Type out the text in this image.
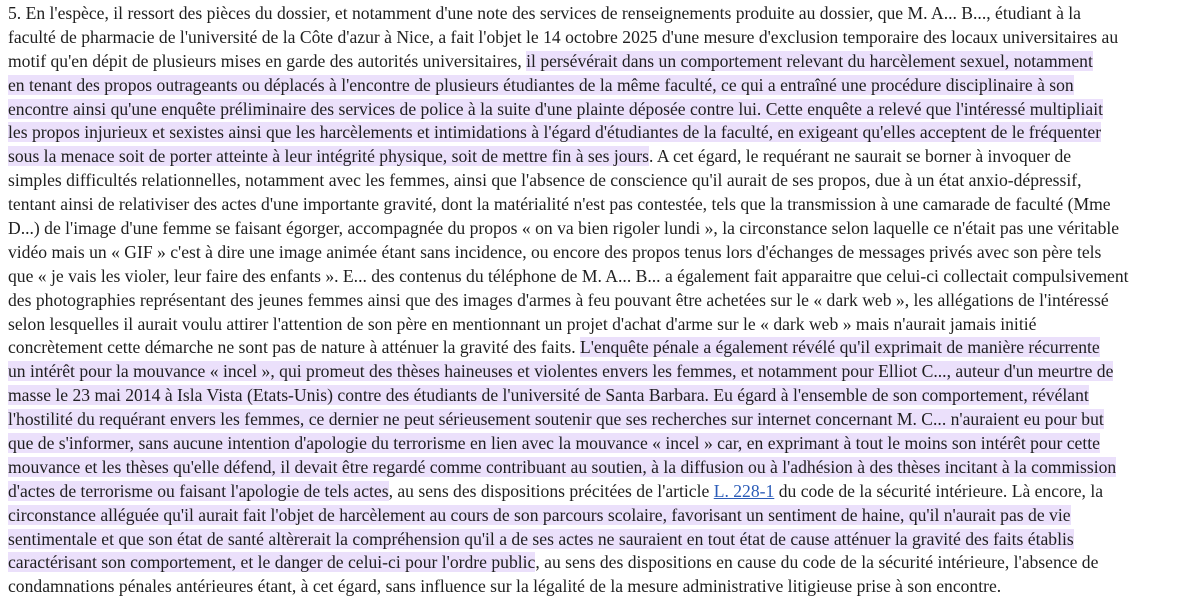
5. En l'espèce, il ressort des pièces du dossier, et notamment d'une note des services de renseignements produite au dossier, que M. A... B..., étudiant à la
faculté de pharmacie de l'université de la Côte d'azur à Nice, a fait l'objet le 14 octobre 2025 d'une mesure d'exclusion temporaire des locaux universitaires au
motif qu'en dépit de plusieurs mises en garde des autorités universitaires, il persévérait dans un comportement relevant du harcèlement sexuel, notamment
en tenant des propos outrageants ou déplacés à l'encontre de plusieurs étudiantes de la même faculté, ce qui a entraîné une procédure disciplinaire à son
encontre ainsi qu'une enquête préliminaire des services de police à la suite d'une plainte déposée contre lui. Cette enquête a relevé que l'intéressé multipliait
les propos injurieux et sexistes ainsi que les harcèlements et intimidations à l'égard d'étudiantes de la faculté, en exigeant qu'elles acceptent de le fréquenter
sous la menace soit de porter atteinte à leur intégrité physique, soit de mettre fin à ses jours. A cet égard, le requérant ne saurait se borner à invoquer de
simples difficultés relationnelles, notamment avec les femmes, ainsi que l'absence de conscience qu'il aurait de ses propos, due à un état anxio-dépressif,
tentant ainsi de relativiser des actes d'une importante gravité, dont la matérialité n'est pas contestée, tels que la transmission à une camarade de faculté (Mme
D...) de l'image d'une femme se faisant égorger, accompagnée du propos « on va bien rigoler lundi », la circonstance selon laquelle ce n'était pas une véritable
vidéo mais un « GIF » c'est à dire une image animée étant sans incidence, ou encore des propos tenus lors d'échanges de messages privés avec son père tels
que « je vais les violer, leur faire des enfants ». E... des contenus du téléphone de M. A... B... a également fait apparaitre que celui-ci collectait compulsivement
des photographies représentant des jeunes femmes ainsi que des images d'armes à feu pouvant être achetées sur le « dark web », les allégations de l'intéressé
selon lesquelles il aurait voulu attirer l'attention de son père en mentionnant un projet d'achat d'arme sur le « dark web » mais n'aurait jamais initié
concrètement cette démarche ne sont pas de nature à atténuer la gravité des faits. L'enquête pénale a également révélé qu'il exprimait de manière récurrente
un intérêt pour la mouvance « incel », qui promeut des thèses haineuses et violentes envers les femmes, et notamment pour Elliot C..., auteur d'un meurtre de
masse le 23 mai 2014 à Isla Vista (Etats-Unis) contre des étudiants de l'université de Santa Barbara. Eu égard à l'ensemble de son comportement, révélant
l'hostilité du requérant envers les femmes, ce dernier ne peut sérieusement soutenir que ses recherches sur internet concernant M. C... n'auraient eu pour but
que de s'informer, sans aucune intention d'apologie du terrorisme en lien avec la mouvance « incel » car, en exprimant à tout le moins son intérêt pour cette
mouvance et les thèses qu'elle défend, il devait être regardé comme contribuant au soutien, à la diffusion ou à l'adhésion à des thèses incitant à la commission
d'actes de terrorisme ou faisant l'apologie de tels actes, au sens des dispositions précitées de l'article L. 228-1 du code de la sécurité intérieure. Là encore, la
circonstance alléguée qu'il aurait fait l'objet de harcèlement au cours de son parcours scolaire, favorisant un sentiment de haine, qu'il n'aurait pas de vie
sentimentale et que son état de santé altèrerait la compréhension qu'il a de ses actes ne sauraient en tout état de cause atténuer la gravité des faits établis
caractérisant son comportement, et le danger de celui-ci pour l'ordre public, au sens des dispositions en cause du code de la sécurité intérieure, l'absence de
condamnations pénales antérieures étant, à cet égard, sans influence sur la légalité de la mesure administrative litigieuse prise à son encontre.
